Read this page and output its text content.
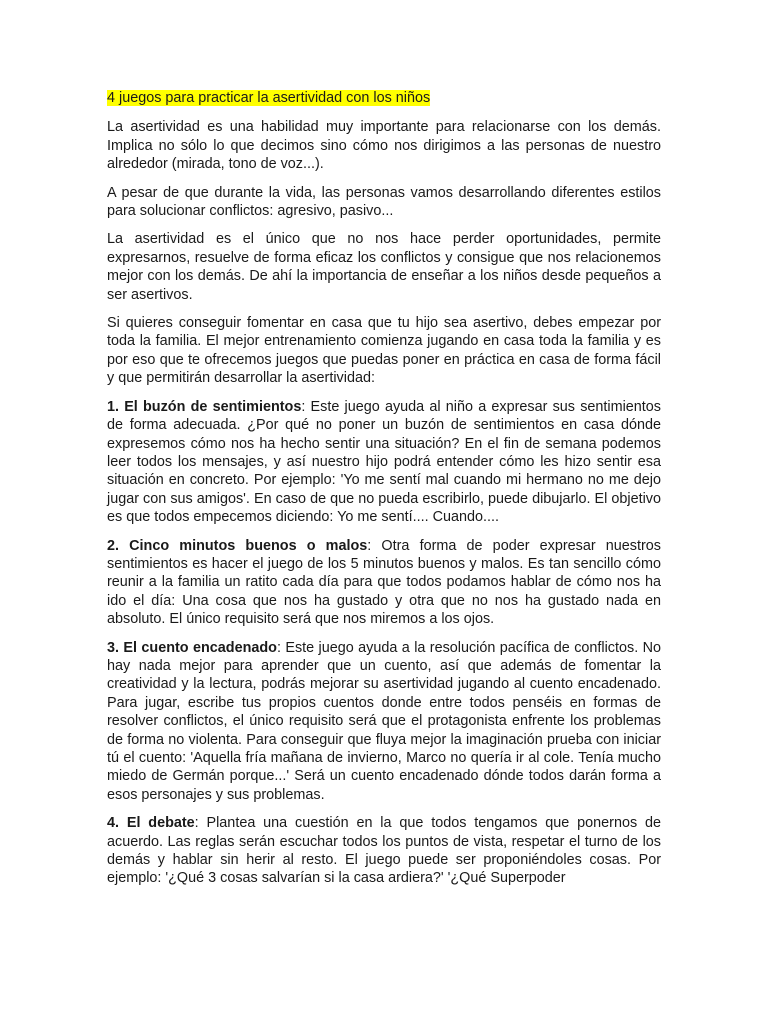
4 juegos para practicar la asertividad con los niños

La asertividad es una habilidad muy importante para relacionarse con los demás. Implica no sólo lo que decimos sino cómo nos dirigimos a las personas de nuestro alrededor (mirada, tono de voz...).

A pesar de que durante la vida, las personas vamos desarrollando diferentes estilos para solucionar conflictos: agresivo, pasivo...

La asertividad es el único que no nos hace perder oportunidades, permite expresarnos, resuelve de forma eficaz los conflictos y consigue que nos relacionemos mejor con los demás. De ahí la importancia de enseñar a los niños desde pequeños a ser asertivos.

Si quieres conseguir fomentar en casa que tu hijo sea asertivo, debes empezar por toda la familia. El mejor entrenamiento comienza jugando en casa toda la familia y es por eso que te ofrecemos juegos que puedas poner en práctica en casa de forma fácil y que permitirán desarrollar la asertividad:

1. El buzón de sentimientos: Este juego ayuda al niño a expresar sus sentimientos de forma adecuada. ¿Por qué no poner un buzón de sentimientos en casa dónde expresemos cómo nos ha hecho sentir una situación? En el fin de semana podemos leer todos los mensajes, y así nuestro hijo podrá entender cómo les hizo sentir esa situación en concreto. Por ejemplo: 'Yo me sentí mal cuando mi hermano no me dejo jugar con sus amigos'. En caso de que no pueda escribirlo, puede dibujarlo. El objetivo es que todos empecemos diciendo: Yo me sentí.... Cuando....

2. Cinco minutos buenos o malos: Otra forma de poder expresar nuestros sentimientos es hacer el juego de los 5 minutos buenos y malos. Es tan sencillo cómo reunir a la familia un ratito cada día para que todos podamos hablar de cómo nos ha ido el día: Una cosa que nos ha gustado y otra que no nos ha gustado nada en absoluto. El único requisito será que nos miremos a los ojos.

3. El cuento encadenado: Este juego ayuda a la resolución pacífica de conflictos. No hay nada mejor para aprender que un cuento, así que además de fomentar la creatividad y la lectura, podrás mejorar su asertividad jugando al cuento encadenado. Para jugar, escribe tus propios cuentos donde entre todos penséis en formas de resolver conflictos, el único requisito será que el protagonista enfrente los problemas de forma no violenta. Para conseguir que fluya mejor la imaginación prueba con iniciar tú el cuento: 'Aquella fría mañana de invierno, Marco no quería ir al cole. Tenía mucho miedo de Germán porque...' Será un cuento encadenado dónde todos darán forma a esos personajes y sus problemas.

4. El debate: Plantea una cuestión en la que todos tengamos que ponernos de acuerdo. Las reglas serán escuchar todos los puntos de vista, respetar el turno de los demás y hablar sin herir al resto. El juego puede ser proponiéndoles cosas. Por ejemplo: '¿Qué 3 cosas salvarían si la casa ardiera?' '¿Qué Superpoder
